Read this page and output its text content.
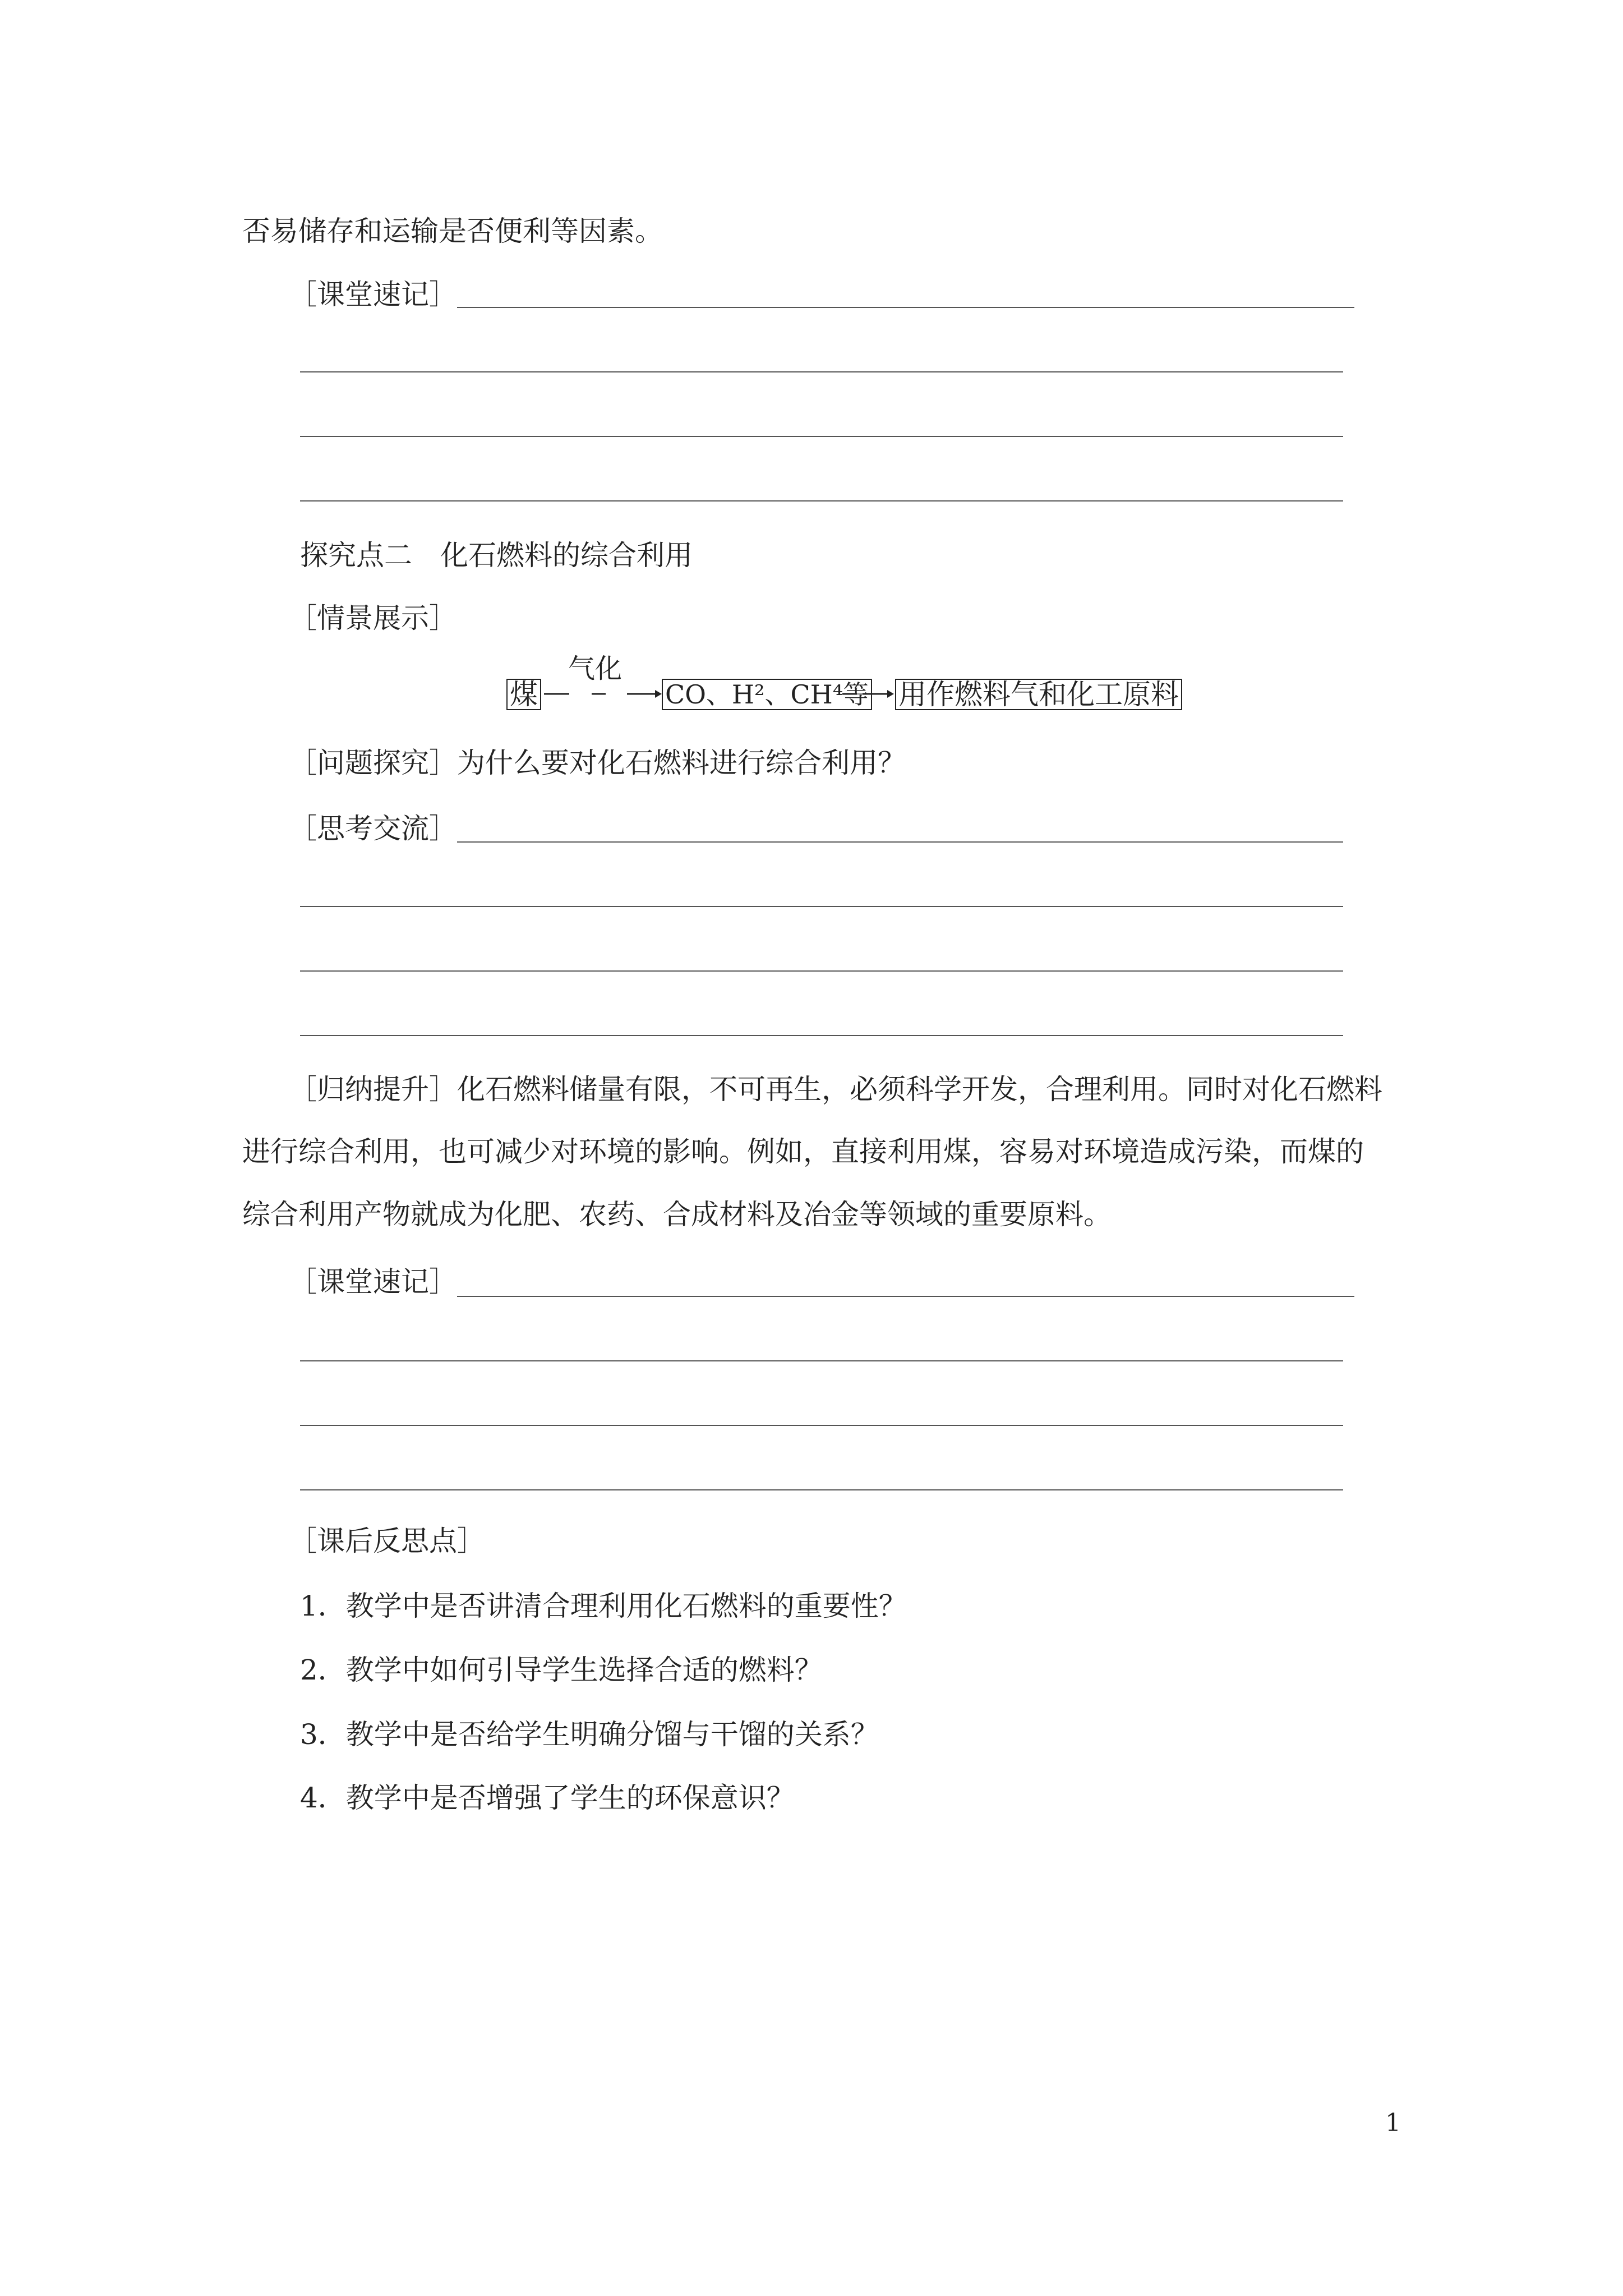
否易储存和运输是否便利等因素。
［课堂速记］
探究点二　化石燃料的综合利用
［情景展示］
煤
气化
CO、H²、CH⁴等 用作燃料气和化工原料
［问题探究］为什么要对化石燃料进行综合利用？
［思考交流］
［归纳提升］化石燃料储量有限，不可再生，必须科学开发，合理利用。同时对化石燃料
进行综合利用，也可减少对环境的影响。例如，直接利用煤，容易对环境造成污染，而煤的
综合利用产物就成为化肥、农药、合成材料及冶金等领域的重要原料。
［课堂速记］
［课后反思点］
1．教学中是否讲清合理利用化石燃料的重要性？
2．教学中如何引导学生选择合适的燃料？
3．教学中是否给学生明确分馏与干馏的关系？
4．教学中是否增强了学生的环保意识？
1
